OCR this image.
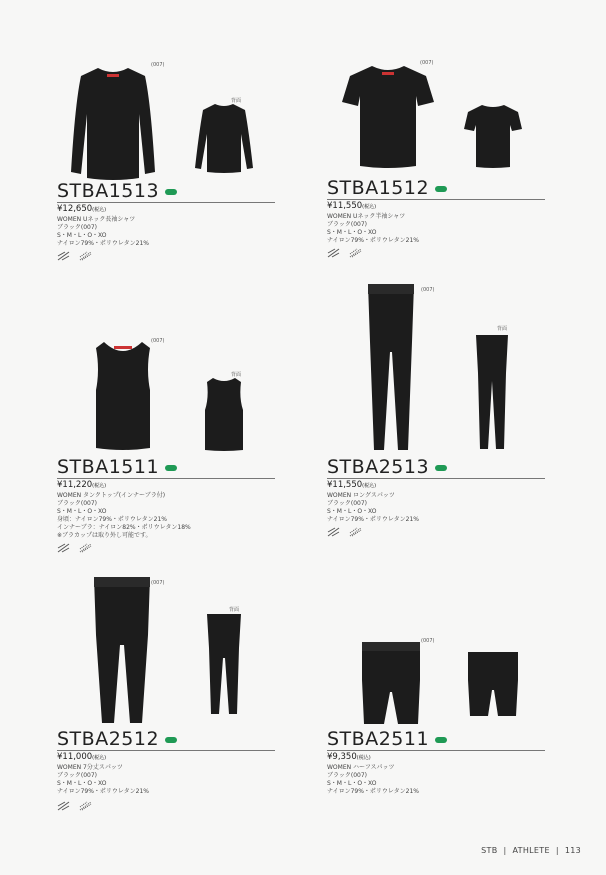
(007)
背面
STBA1513
¥12,650(税込)
WOMEN Uネック長袖シャツ
ブラック(007)
S・M・L・O・XO
ナイロン79%・ポリウレタン21%

(007)
STBA1512
¥11,550(税込)
WOMEN Uネック半袖シャツ
ブラック(007)
S・M・L・O・XO
ナイロン79%・ポリウレタン21%

(007)
背面
STBA1511
¥11,220(税込)
WOMEN タンクトップ(インナーブラ付)
ブラック(007)
S・M・L・O・XO
身頃：ナイロン79%・ポリウレタン21%
インナーブラ：ナイロン82%・ポリウレタン18%
※ブラカップは取り外し可能です。

(007)
背面
STBA2513
¥11,550(税込)
WOMEN ロングスパッツ
ブラック(007)
S・M・L・O・XO
ナイロン79%・ポリウレタン21%

(007)
背面
STBA2512
¥11,000(税込)
WOMEN 7分丈スパッツ
ブラック(007)
S・M・L・O・XO
ナイロン79%・ポリウレタン21%

(007)
STBA2511
¥9,350(税込)
WOMEN ハーフスパッツ
ブラック(007)
S・M・L・O・XO
ナイロン79%・ポリウレタン21%
STB | ATHLETE | 113
